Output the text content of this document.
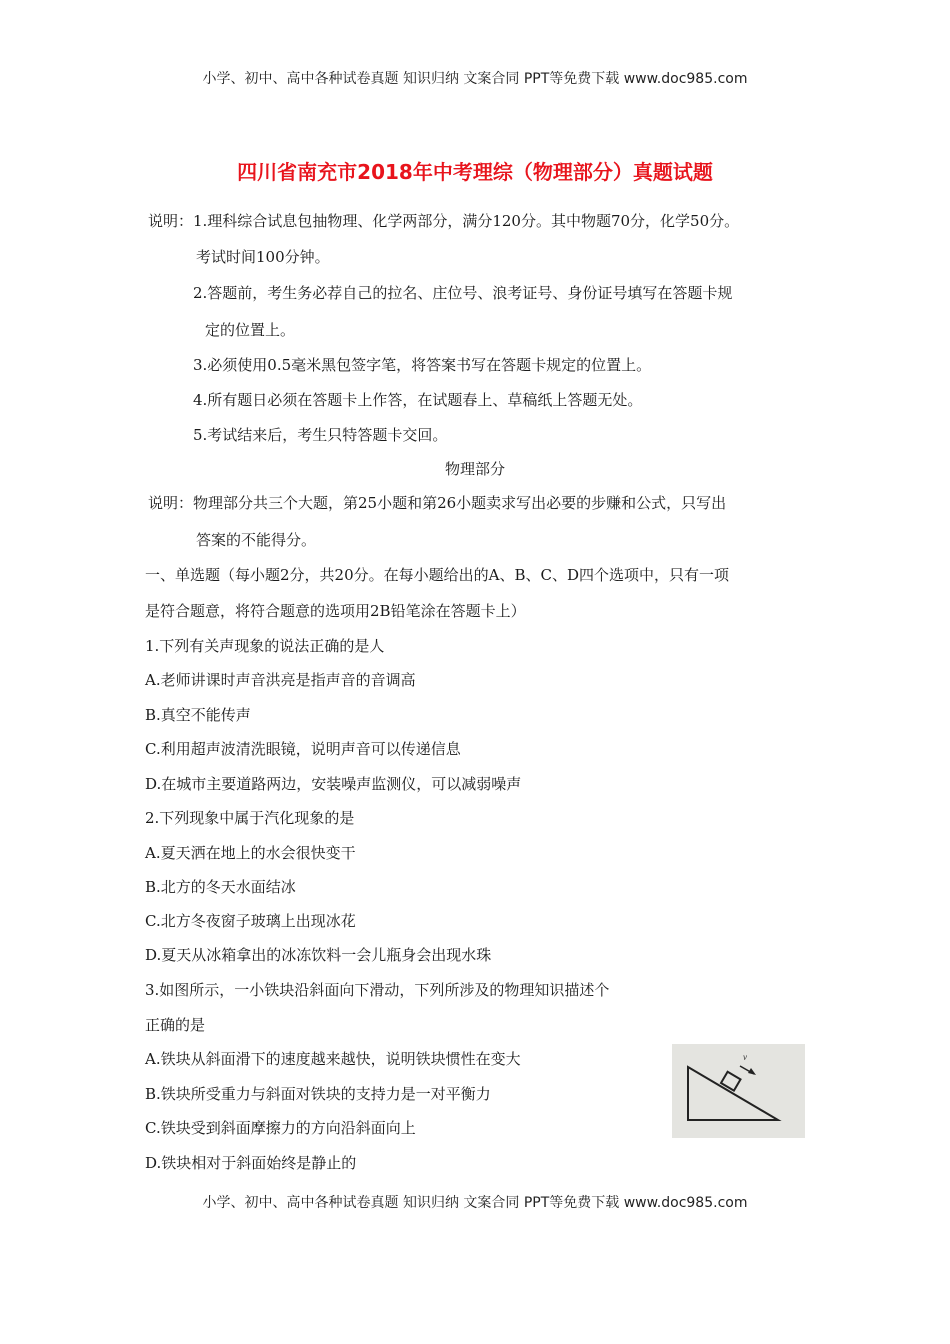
小学、初中、高中各种试卷真题 知识归纳 文案合同 PPT等免费下载 www.doc985.com
四川省南充市2018年中考理综（物理部分）真题试题
说明：1.理科综合试息包抽物理、化学两部分，满分120分。其中物题70分，化学50分。
考试时间100分钟。
2.答题前，考生务必荐自己的拉名、庄位号、浪考证号、身份证号填写在答题卡规
定的位置上。
3.必须使用0.5毫米黑包签字笔，将答案书写在答题卡规定的位置上。
4.所有题日必须在答题卡上作答，在试题春上、草稿纸上答题无处。
5.考试结来后，考生只特答题卡交回。
物理部分
说明：物理部分共三个大题，第25小题和第26小题卖求写出必要的步赚和公式，只写出
答案的不能得分。
一、单选题（每小题2分，共20分。在每小题给出的A、B、C、D四个选项中，只有一项
是符合题意，将符合题意的选项用2B铅笔涂在答题卡上）
1.下列有关声现象的说法正确的是人
A.老师讲课时声音洪亮是指声音的音调高
B.真空不能传声
C.利用超声波清洗眼镜，说明声音可以传递信息
D.在城市主要道路两边，安装噪声监测仪，可以减弱噪声
2.下列现象中属于汽化现象的是
A.夏天洒在地上的水会很快变干
B.北方的冬天水面结冰
C.北方冬夜窗子玻璃上出现冰花
D.夏天从冰箱拿出的冰冻饮料一会儿瓶身会出现水珠
3.如图所示，一小铁块沿斜面向下滑动，下列所涉及的物理知识描述个
正确的是
A.铁块从斜面滑下的速度越来越快，说明铁块惯性在变大
B.铁块所受重力与斜面对铁块的支持力是一对平衡力
C.铁块受到斜面摩擦力的方向沿斜面向上
D.铁块相对于斜面始终是静止的
v
小学、初中、高中各种试卷真题 知识归纳 文案合同 PPT等免费下载 www.doc985.com
